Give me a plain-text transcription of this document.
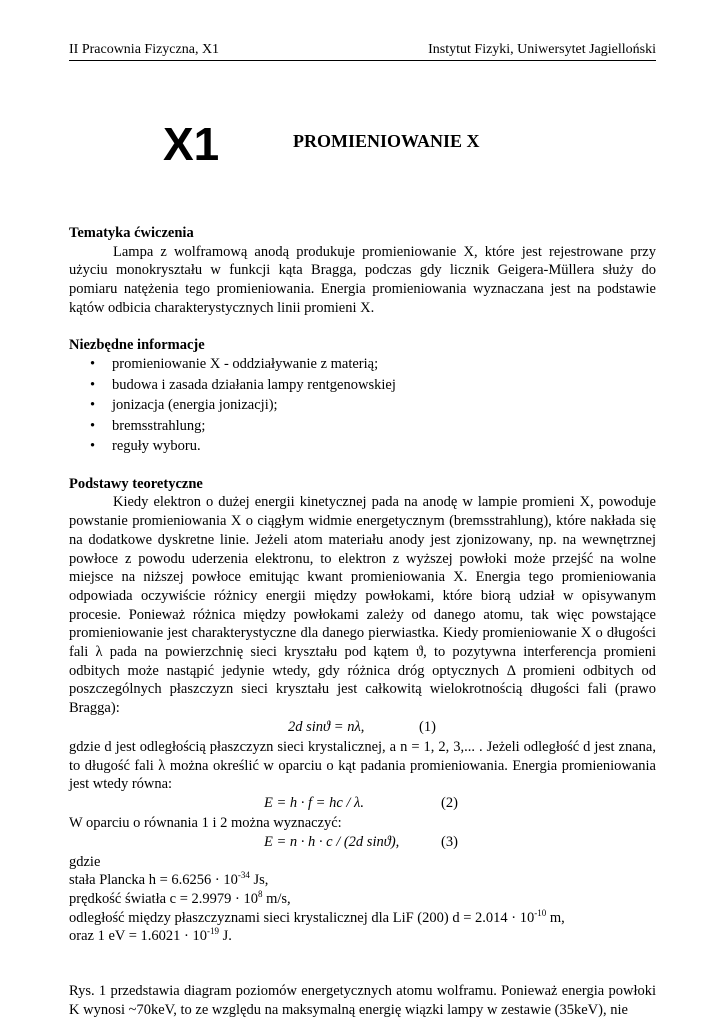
II Pracownia Fizyczna, X1	Instytut Fizyki, Uniwersytet Jagielloński
X1	PROMIENIOWANIE X
Tematyka ćwiczenia

Lampa z wolframową anodą produkuje promieniowanie X, które jest rejestrowane przy użyciu monokryształu w funkcji kąta Bragga, podczas gdy licznik Geigera-Müllera służy do pomiaru natężenia tego promieniowania. Energia promieniowania wyznaczana jest na podstawie kątów odbicia charakterystycznych linii promieni X.

Niezbędne informacje
• promieniowanie X - oddziaływanie z materią;
• budowa i zasada działania lampy rentgenowskiej
• jonizacja (energia jonizacji);
• bremsstrahlung;
• reguły wyboru.
Podstawy teoretyczne

Kiedy elektron o dużej energii kinetycznej pada na anodę w lampie promieni X, powoduje powstanie promieniowania X o ciągłym widmie energetycznym (bremsstrahlung), które nakłada się na dodatkowe dyskretne linie. Jeżeli atom materiału anody jest zjonizowany, np. na wewnętrznej powłoce z powodu uderzenia elektronu, to elektron z wyższej powłoki może przejść na wolne miejsce na niższej powłoce emitując kwant promieniowania X. Energia tego promieniowania odpowiada oczywiście różnicy energii między powłokami, które biorą udział w opisywanym procesie. Ponieważ różnica między powłokami zależy od danego atomu, tak więc powstające promieniowanie jest charakterystyczne dla danego pierwiastka. Kiedy promieniowanie X o długości fali λ pada na powierzchnię sieci kryształu pod kątem ϑ, to pozytywna interferencja promieni odbitych może nastąpić jedynie wtedy, gdy różnica dróg optycznych Δ promieni odbitych od poszczególnych płaszczyzn sieci kryształu jest całkowitą wielokrotnością długości fali (prawo Bragga):

2d sinϑ = nλ,	(1)

gdzie d jest odległością płaszczyzn sieci krystalicznej, a n = 1, 2, 3,... . Jeżeli odległość d jest znana, to długość fali λ można określić w oparciu o kąt padania promieniowania. Energia promieniowania jest wtedy równa:

E = h · f = hc / λ.	(2)

W oparciu o równania 1 i 2 można wyznaczyć:

E = n · h · c / (2d sinϑ),	(3)

gdzie

stała Plancka $h = 6.6256 \cdot 10^{-34}$ Js,

prędkość światła $c = 2.9979 \cdot 10^8$ m/s,

odległość między płaszczyznami sieci krystalicznej dla LiF (200) $d = 2.014 \cdot 10^{-10}$ m,

oraz 1 eV = $1.6021 \cdot 10^{-19}$ J.

Rys. 1 przedstawia diagram poziomów energetycznych atomu wolframu. Ponieważ energia powłoki K wynosi ~70keV, to ze względu na maksymalną energię wiązki lampy w zestawie (35keV), nie
